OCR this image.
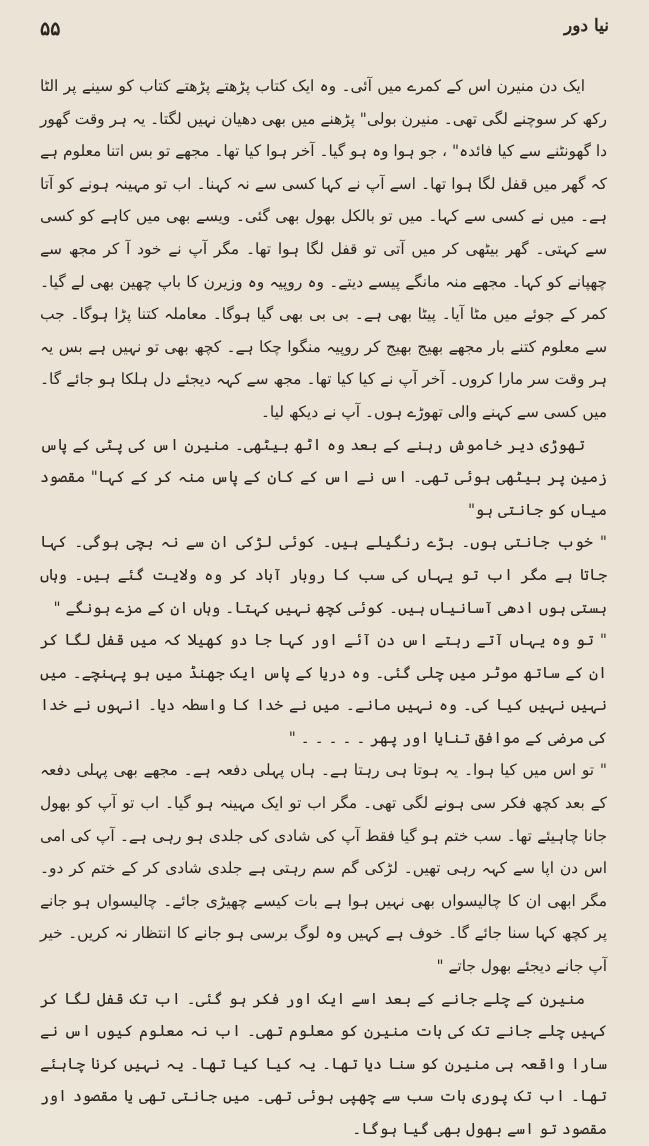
۵۵	نیا دور

ایک دن منیرن اس کے کمرے میں آئی۔ وہ ایک کتاب پڑھتے پڑھتے کتاب کو سینے پر الٹا رکھ کر سوچنے لگی تھی۔ منیرن بولی" پڑھنے میں بھی دھیان نہیں لگتا۔ یہ ہر وقت گھور دا گھونٹنے سے کیا فائدہ" ، جو ہوا وہ ہو گیا۔ آخر ہوا کیا تھا۔ مجھے تو بس اتنا معلوم ہے کہ گھر میں قفل لگا ہوا تھا۔ اسے آپ نے کہا کسی سے نہ کہنا۔ اب تو مہینہ ہونے کو آتا ہے۔ میں نے کسی سے کہا۔ میں تو بالکل بھول بھی گئی۔ ویسے بھی میں کاہے کو کسی سے کہتی۔ گھر بیٹھی کر میں آتی تو قفل لگا ہوا تھا۔ مگر آپ نے خود آ کر مجھ سے چھپانے کو کہا۔ مجھے منہ مانگے پیسے دیتے۔ وہ روپیہ وہ وزیرن کا باپ چھین بھی لے گیا۔ کمر کے جوئے میں مٹا آیا۔ پیٹا بھی ہے۔ بی بی بھی گیا ہوگا۔ معاملہ کتنا پڑا ہوگا۔ جب سے معلوم کتنے بار مجھے بھیج بھیج کر روپیہ منگوا چکا ہے۔ کچھ بھی تو نہیں ہے بس یہ ہر وقت سر مارا کروں۔ آخر آپ نے کیا کیا تھا۔ مجھ سے کہہ دیجئے دل ہلکا ہو جائے گا۔ میں کسی سے کہنے والی تھوڑے ہوں۔ آپ نے دیکھ لیا۔

تھوڑی دیر خاموش رہنے کے بعد وہ اٹھ بیٹھی۔ منیرن اس کی پٹی کے پاس زمین پر بیٹھی ہوئی تھی۔ اس نے اس کے کان کے پاس منہ کر کے کہا" مقصود میاں کو جانتی ہو"

" خوب جانتی ہوں۔ بڑے رنگیلے ہیں۔ کوئی لڑکی ان سے نہ بچی ہوگی۔ کہا جاتا ہے مگر اب تو یہاں کی سب کا روبار آباد کر وہ ولایت گئے ہیں۔ وہاں ہستی ہوں ادھی آسانیاں ہیں۔ کوئی کچھ نہیں کہتا۔ وہاں ان کے مزے ہونگے "

" تو وہ یہاں آتے رہتے اس دن آئے اور کہا جا دو کھیلا کہ میں قفل لگا کر ان کے ساتھ موٹر میں چلی گئی۔ وہ دریا کے پاس ایک جھنڈ میں ہو پہنچے۔ میں نہیں نہیں کیا کی۔ وہ نہیں مانے۔ میں نے خدا کا واسطہ دیا۔ انہوں نے خدا کی مرضی کے موافق تنایا اور پھر ۔ ۔ ۔ ۔ ۔ "

" تو اس میں کیا ہوا۔ یہ ہوتا ہی رہتا ہے۔ ہاں پہلی دفعہ ہے۔ مجھے بھی پہلی دفعہ کے بعد کچھ فکر سی ہونے لگی تھی۔ مگر اب تو ایک مہینہ ہو گیا۔ اب تو آپ کو بھول جانا چاہیئے تھا۔ سب ختم ہو گیا فقط آپ کی شادی کی جلدی ہو رہی ہے۔ آپ کی امی اس دن اپا سے کہہ رہی تھیں۔ لڑکی گم سم رہتی ہے جلدی شادی کر کے ختم کر دو۔ مگر ابھی ان کا چالیسواں بھی نہیں ہوا ہے بات کیسے چھیڑی جائے۔ چالیسواں ہو جانے پر کچھ کہا سنا جائے گا۔ خوف ہے کہیں وہ لوگ برسی ہو جانے کا انتظار نہ کریں۔ خیر آپ جانے دیجئے بھول جاتے "

منیرن کے چلے جانے کے بعد اسے ایک اور فکر ہو گئی۔ اب تک قفل لگا کر کہیں چلے جانے تک کی بات منیرن کو معلوم تھی۔ اب نہ معلوم کیوں اس نے سارا واقعہ ہی منیرن کو سنا دیا تھا۔ یہ کیا کیا تھا۔ یہ نہیں کرنا چاہئے تھا۔ اب تک پوری بات سب سے چھپی ہوئی تھی۔ میں جانتی تھی یا مقصود اور مقصود تو اسے بھول بھی گیا ہوگا۔
